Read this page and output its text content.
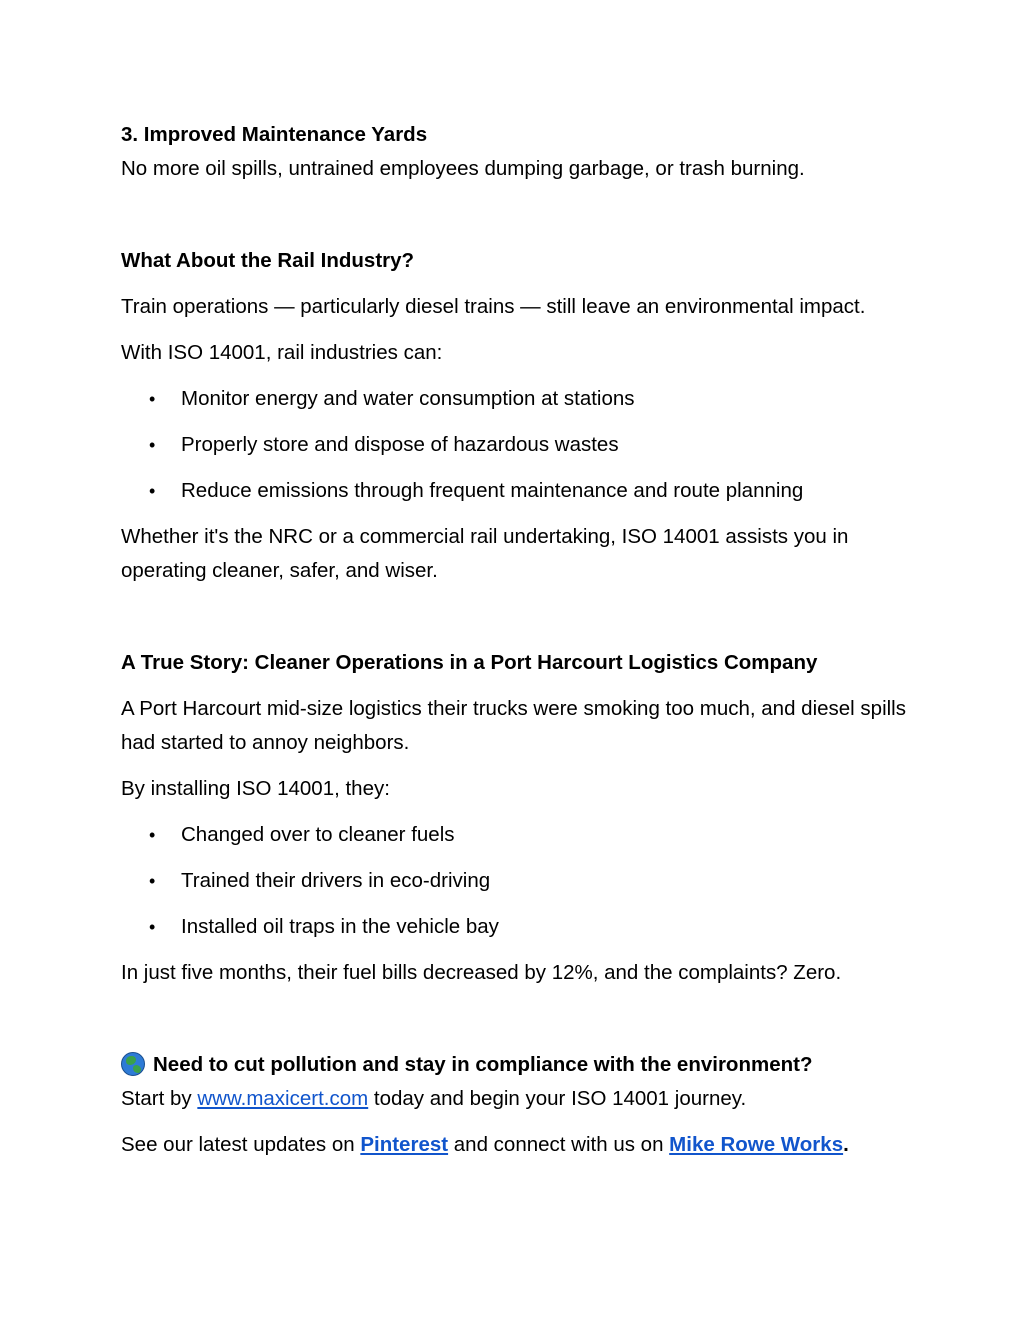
3. Improved Maintenance Yards

No more oil spills, untrained employees dumping garbage, or trash burning.

What About the Rail Industry?

Train operations — particularly diesel trains — still leave an environmental impact.

With ISO 14001, rail industries can:

• Monitor energy and water consumption at stations
• Properly store and dispose of hazardous wastes
• Reduce emissions through frequent maintenance and route planning

Whether it's the NRC or a commercial rail undertaking, ISO 14001 assists you in operating cleaner, safer, and wiser.

A True Story: Cleaner Operations in a Port Harcourt Logistics Company

A Port Harcourt mid-size logistics their trucks were smoking too much, and diesel spills had started to annoy neighbors.

By installing ISO 14001, they:

• Changed over to cleaner fuels
• Trained their drivers in eco-driving
• Installed oil traps in the vehicle bay

In just five months, their fuel bills decreased by 12%, and the complaints? Zero.

Need to cut pollution and stay in compliance with the environment?

Start by www.maxicert.com today and begin your ISO 14001 journey.

See our latest updates on Pinterest and connect with us on Mike Rowe Works.
